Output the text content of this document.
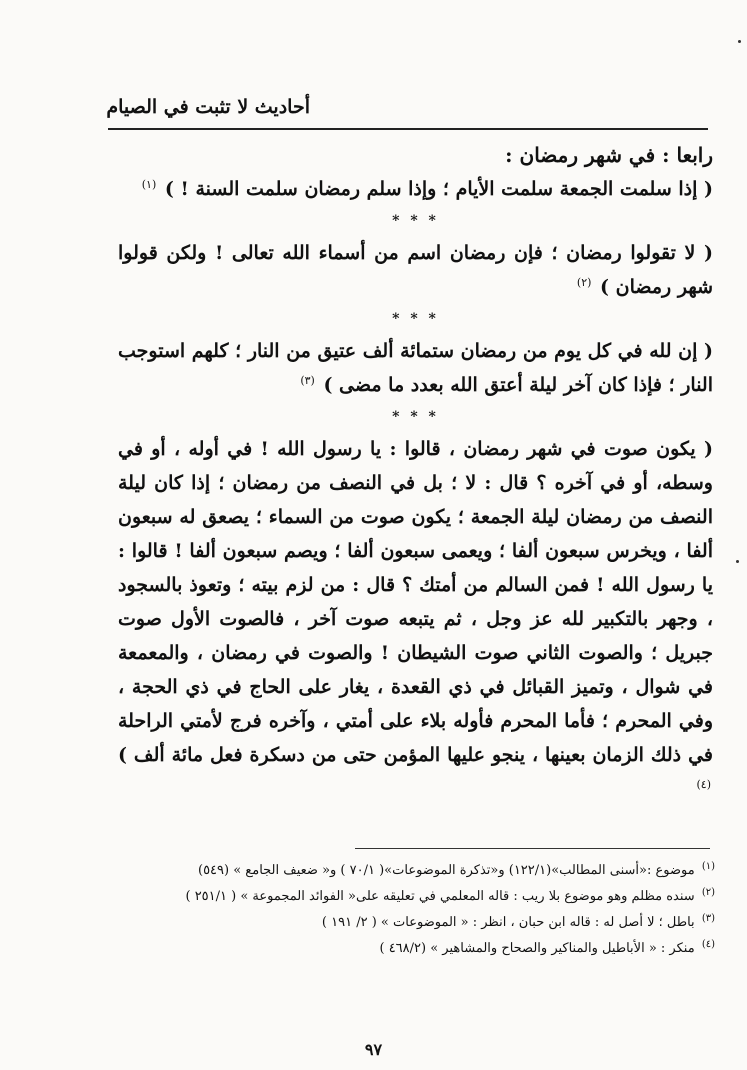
أحاديث لا تثبت في الصيام

رابعا : في شهر رمضان :

( إذا سلمت الجمعة سلمت الأيام ؛ وإذا سلم رمضان سلمت السنة ! ) $^{(١)}$

* * *

( لا تقولوا رمضان ؛ فإن رمضان اسم من أسماء الله تعالى ! ولكن قولوا شهر رمضان ) $^{(٢)}$

* * *

( إن لله في كل يوم من رمضان ستمائة ألف عتيق من النار ؛ كلهم استوجب النار ؛ فإذا كان آخر ليلة أعتق الله بعدد ما مضى ) $^{(٣)}$

* * *

( يكون صوت في شهر رمضان ، قالوا : يا رسول الله ! في أوله ، أو في وسطه، أو في آخره ؟ قال : لا ؛ بل في النصف من رمضان ؛ إذا كان ليلة النصف من رمضان ليلة الجمعة ؛ يكون صوت من السماء ؛ يصعق له سبعون ألفا ، ويخرس سبعون ألفا ؛ ويعمى سبعون ألفا ؛ ويصم سبعون ألفا ! قالوا : يا رسول الله ! فمن السالم من أمتك ؟ قال : من لزم بيته ؛ وتعوذ بالسجود ، وجهر بالتكبير لله عز وجل ، ثم يتبعه صوت آخر ، فالصوت الأول صوت جبريل ؛ والصوت الثاني صوت الشيطان ! والصوت في رمضان ، والمعمعة في شوال ، وتميز القبائل في ذي القعدة ، يغار على الحاج في ذي الحجة ، وفي المحرم ؛ فأما المحرم فأوله بلاء على أمتي ، وآخره فرج لأمتي الراحلة في ذلك الزمان بعينها ، ينجو عليها المؤمن حتى من دسكرة فعل مائة ألف ) $^{(٤)}$

$^{(١)}$ موضوع :«أسنى المطالب»(١٢٢/١) و«تذكرة الموضوعات»( ٧٠/١ ) و« ضعيف الجامع » (٥٤٩)

$^{(٢)}$ سنده مظلم وهو موضوع بلا ريب : قاله المعلمي في تعليقه على« الفوائد المجموعة » ( ٢٥١/١ )

$^{(٣)}$ باطل ؛ لا أصل له : قاله ابن حبان ، انظر : « الموضوعات » ( ٢/ ١٩١ )

$^{(٤)}$ منكر : « الأباطيل والمناكير والصحاح والمشاهير » (٤٦٨/٢ )

٩٧
